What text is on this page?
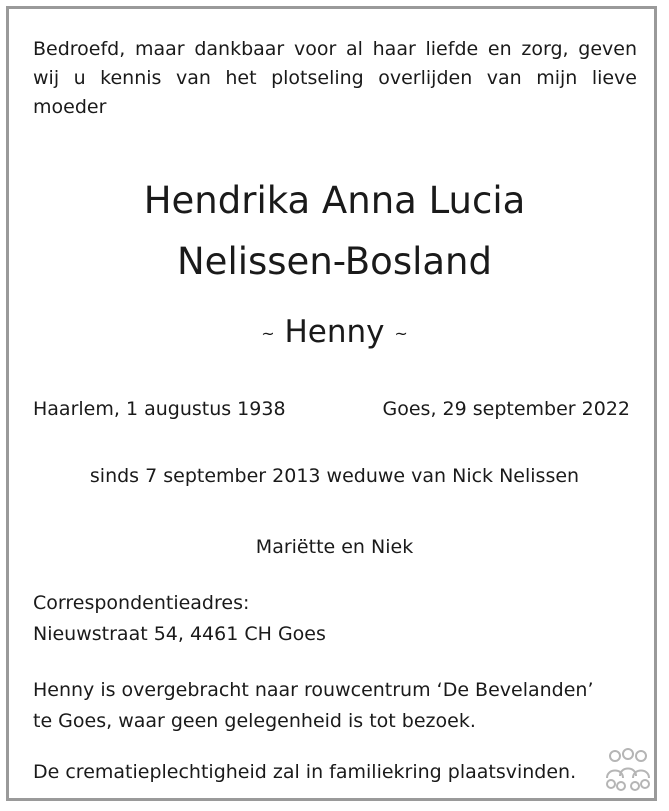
Bedroefd, maar dankbaar voor al haar liefde en zorg, geven
wij u kennis van het plotseling overlijden van mijn lieve
moeder
Hendrika Anna Lucia
Nelissen-Bosland
~ Henny ~
Haarlem, 1 augustus 1938	Goes, 29 september 2022
sinds 7 september 2013 weduwe van Nick Nelissen
Mariëtte en Niek
Correspondentieadres:
Nieuwstraat 54, 4461 CH Goes
Henny is overgebracht naar rouwcentrum ‘De Bevelanden’
te Goes, waar geen gelegenheid is tot bezoek.
De crematieplechtigheid zal in familiekring plaatsvinden.
